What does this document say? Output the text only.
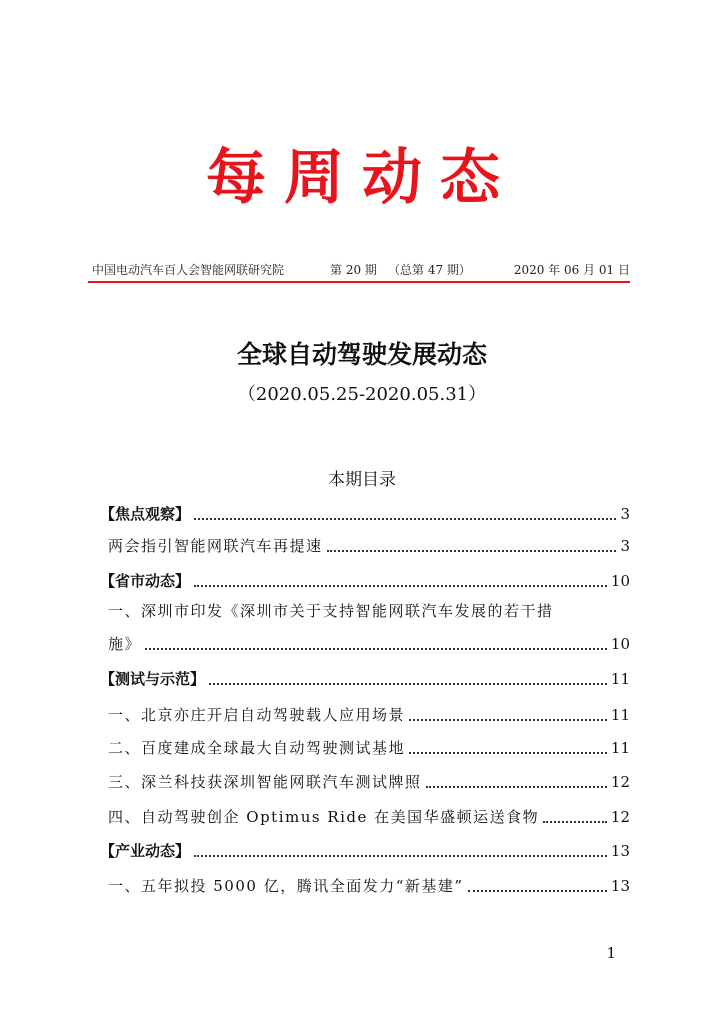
每周动态
中国电动汽车百人会智能网联研究院	第 20 期 （总第 47 期）	2020 年 06 月 01 日
全球自动驾驶发展动态
（2020.05.25-2020.05.31）
本期目录
【焦点观察】	3
两会指引智能网联汽车再提速	3
【省市动态】	10
一、深圳市印发《深圳市关于支持智能网联汽车发展的若干措
施》	10
【测试与示范】	11
一、北京亦庄开启自动驾驶载人应用场景	11
二、百度建成全球最大自动驾驶测试基地	11
三、深兰科技获深圳智能网联汽车测试牌照	12
四、自动驾驶创企 Optimus Ride 在美国华盛顿运送食物	12
【产业动态】	13
一、五年拟投 5000 亿，腾讯全面发力“新基建”	13
1
